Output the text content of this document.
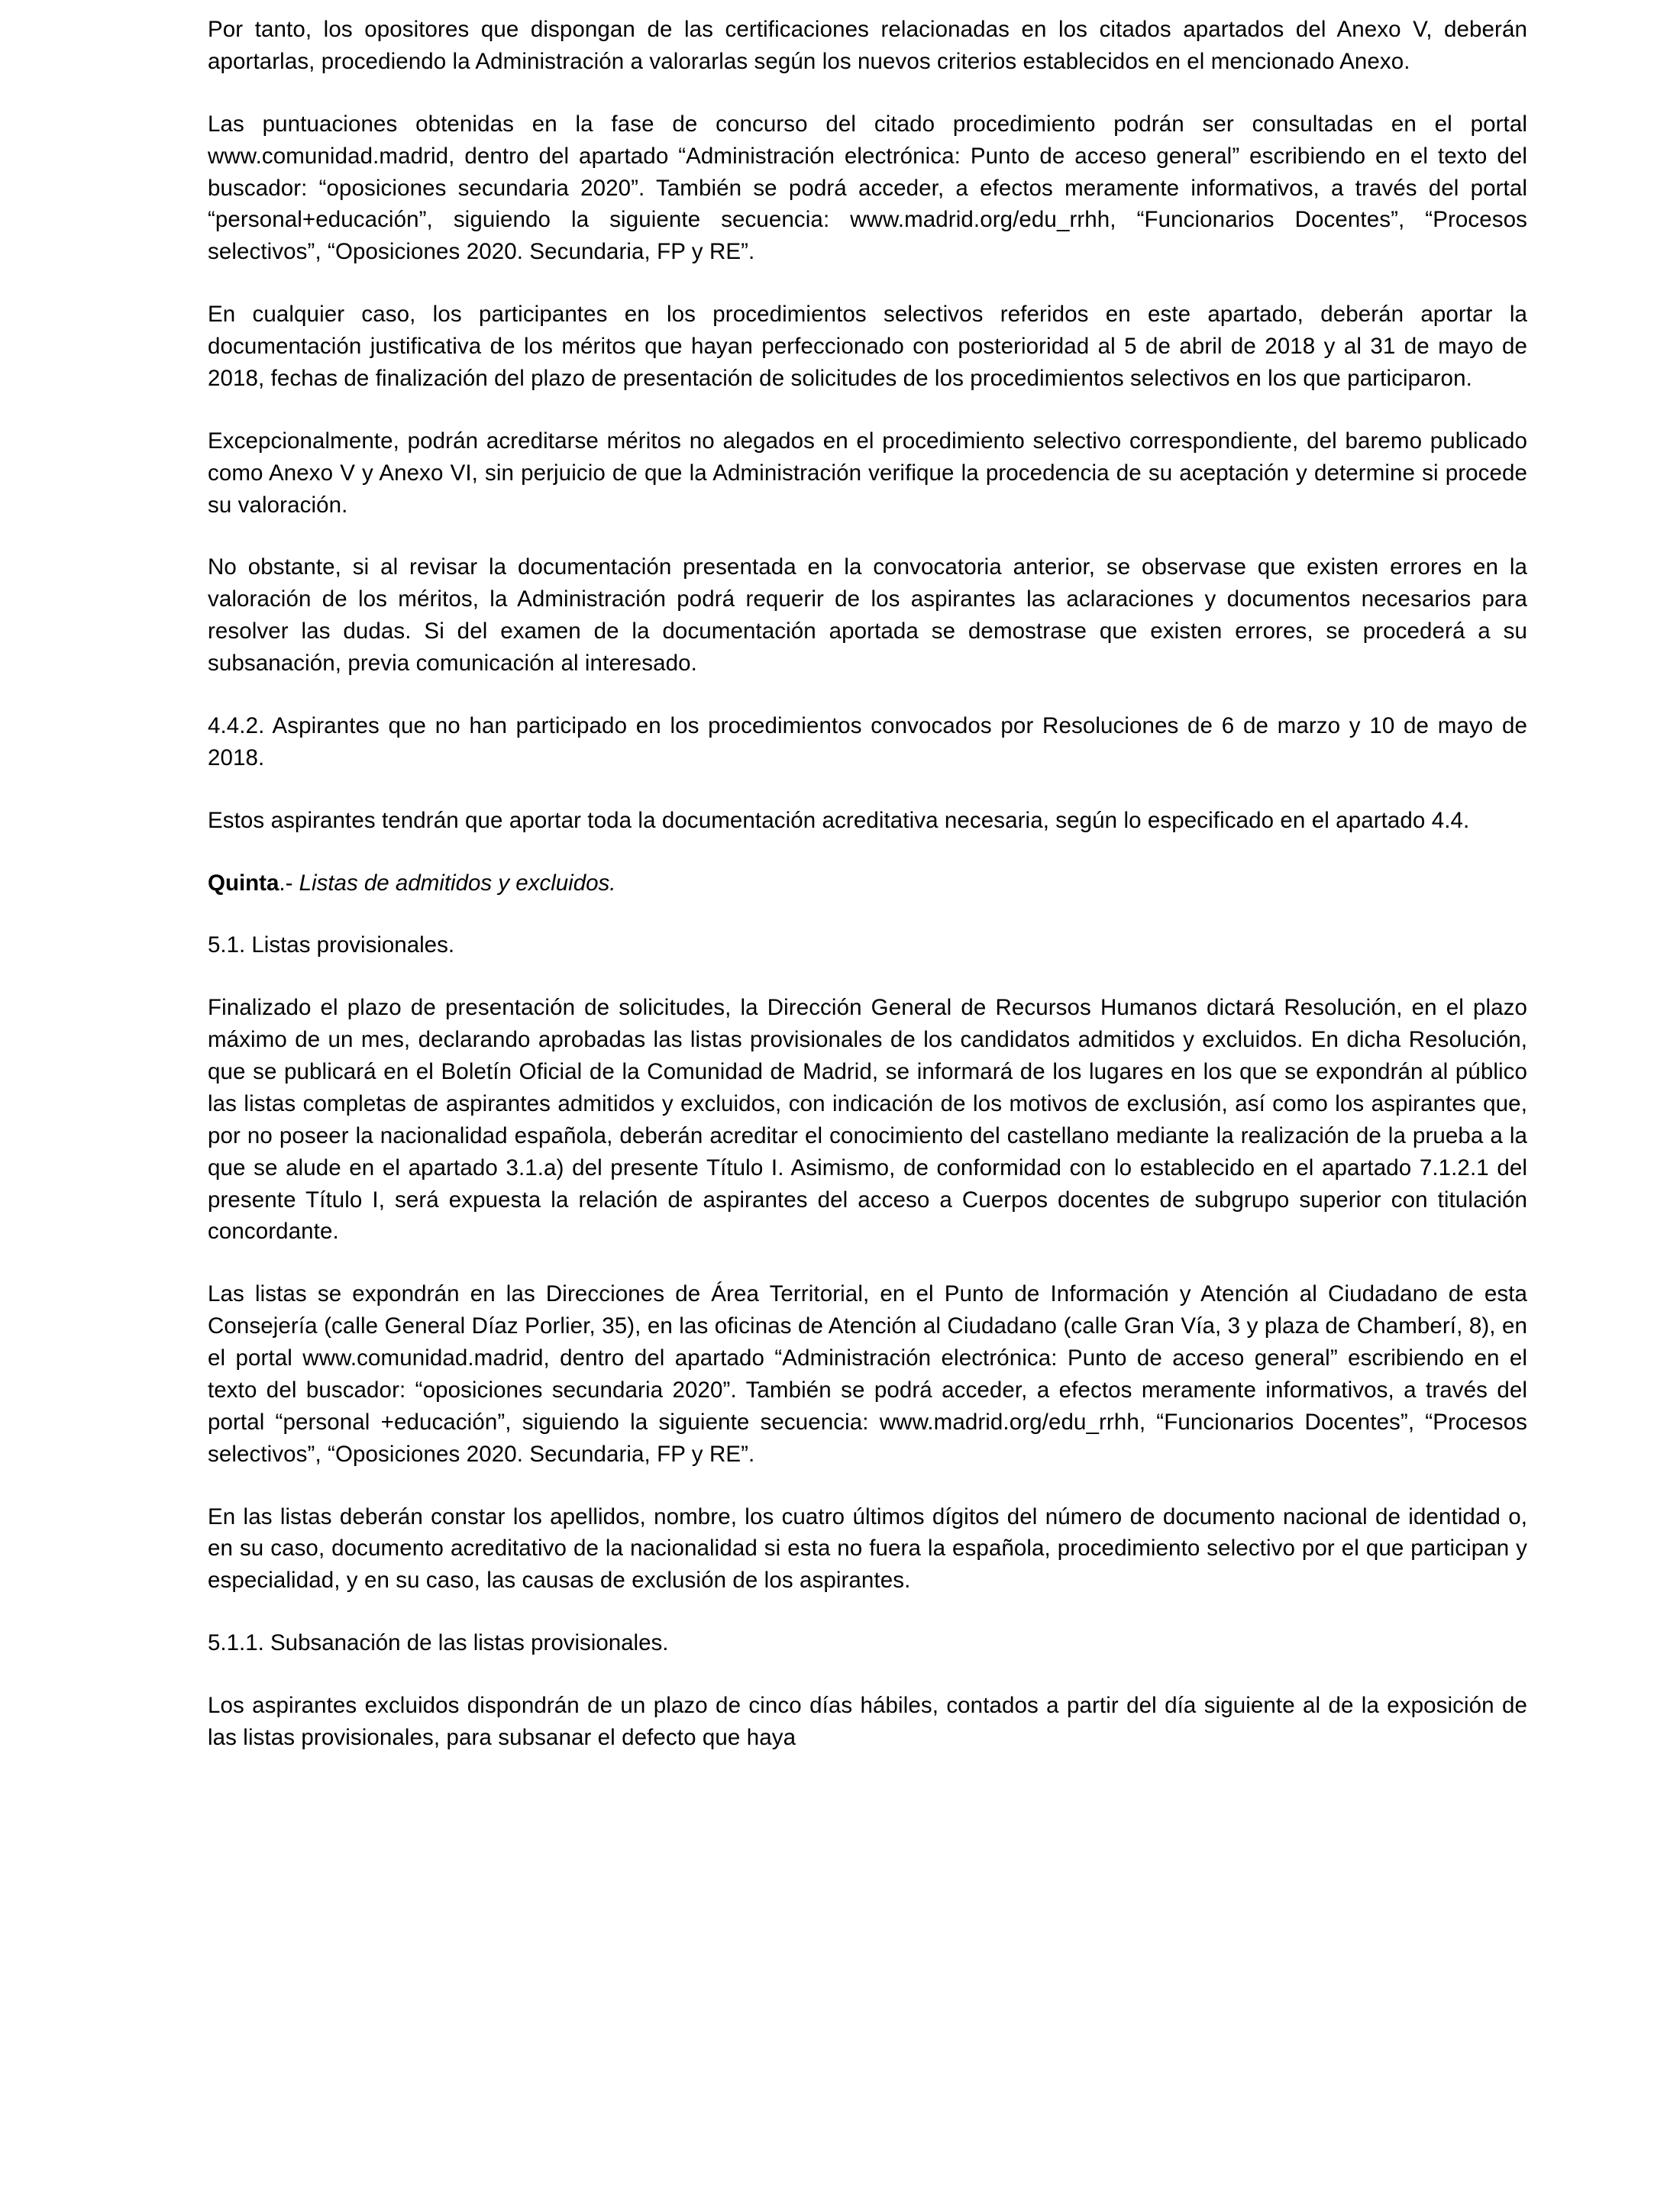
Por tanto, los opositores que dispongan de las certificaciones relacionadas en los citados apartados del Anexo V, deberán aportarlas, procediendo la Administración a valorarlas según los nuevos criterios establecidos en el mencionado Anexo.

Las puntuaciones obtenidas en la fase de concurso del citado procedimiento podrán ser consultadas en el portal www.comunidad.madrid, dentro del apartado “Administración electrónica: Punto de acceso general” escribiendo en el texto del buscador: “oposiciones secundaria 2020”. También se podrá acceder, a efectos meramente informativos, a través del portal “personal+educación”, siguiendo la siguiente secuencia: www.madrid.org/edu_rrhh, “Funcionarios Docentes”, “Procesos selectivos”, “Oposiciones 2020. Secundaria, FP y RE”.

En cualquier caso, los participantes en los procedimientos selectivos referidos en este apartado, deberán aportar la documentación justificativa de los méritos que hayan perfeccionado con posterioridad al 5 de abril de 2018 y al 31 de mayo de 2018, fechas de finalización del plazo de presentación de solicitudes de los procedimientos selectivos en los que participaron.

Excepcionalmente, podrán acreditarse méritos no alegados en el procedimiento selectivo correspondiente, del baremo publicado como Anexo V y Anexo VI, sin perjuicio de que la Administración verifique la procedencia de su aceptación y determine si procede su valoración.

No obstante, si al revisar la documentación presentada en la convocatoria anterior, se observase que existen errores en la valoración de los méritos, la Administración podrá requerir de los aspirantes las aclaraciones y documentos necesarios para resolver las dudas. Si del examen de la documentación aportada se demostrase que existen errores, se procederá a su subsanación, previa comunicación al interesado.

4.4.2. Aspirantes que no han participado en los procedimientos convocados por Resoluciones de 6 de marzo y 10 de mayo de 2018.

Estos aspirantes tendrán que aportar toda la documentación acreditativa necesaria, según lo especificado en el apartado 4.4.

Quinta.- Listas de admitidos y excluidos.

5.1. Listas provisionales.

Finalizado el plazo de presentación de solicitudes, la Dirección General de Recursos Humanos dictará Resolución, en el plazo máximo de un mes, declarando aprobadas las listas provisionales de los candidatos admitidos y excluidos. En dicha Resolución, que se publicará en el Boletín Oficial de la Comunidad de Madrid, se informará de los lugares en los que se expondrán al público las listas completas de aspirantes admitidos y excluidos, con indicación de los motivos de exclusión, así como los aspirantes que, por no poseer la nacionalidad española, deberán acreditar el conocimiento del castellano mediante la realización de la prueba a la que se alude en el apartado 3.1.a) del presente Título I. Asimismo, de conformidad con lo establecido en el apartado 7.1.2.1 del presente Título I, será expuesta la relación de aspirantes del acceso a Cuerpos docentes de subgrupo superior con titulación concordante.

Las listas se expondrán en las Direcciones de Área Territorial, en el Punto de Información y Atención al Ciudadano de esta Consejería (calle General Díaz Porlier, 35), en las oficinas de Atención al Ciudadano (calle Gran Vía, 3 y plaza de Chamberí, 8), en el portal www.comunidad.madrid, dentro del apartado “Administración electrónica: Punto de acceso general” escribiendo en el texto del buscador: “oposiciones secundaria 2020”. También se podrá acceder, a efectos meramente informativos, a través del portal “personal +educación”, siguiendo la siguiente secuencia: www.madrid.org/edu_rrhh, “Funcionarios Docentes”, “Procesos selectivos”, “Oposiciones 2020. Secundaria, FP y RE”.

En las listas deberán constar los apellidos, nombre, los cuatro últimos dígitos del número de documento nacional de identidad o, en su caso, documento acreditativo de la nacionalidad si esta no fuera la española, procedimiento selectivo por el que participan y especialidad, y en su caso, las causas de exclusión de los aspirantes.

5.1.1. Subsanación de las listas provisionales.

Los aspirantes excluidos dispondrán de un plazo de cinco días hábiles, contados a partir del día siguiente al de la exposición de las listas provisionales, para subsanar el defecto que haya
